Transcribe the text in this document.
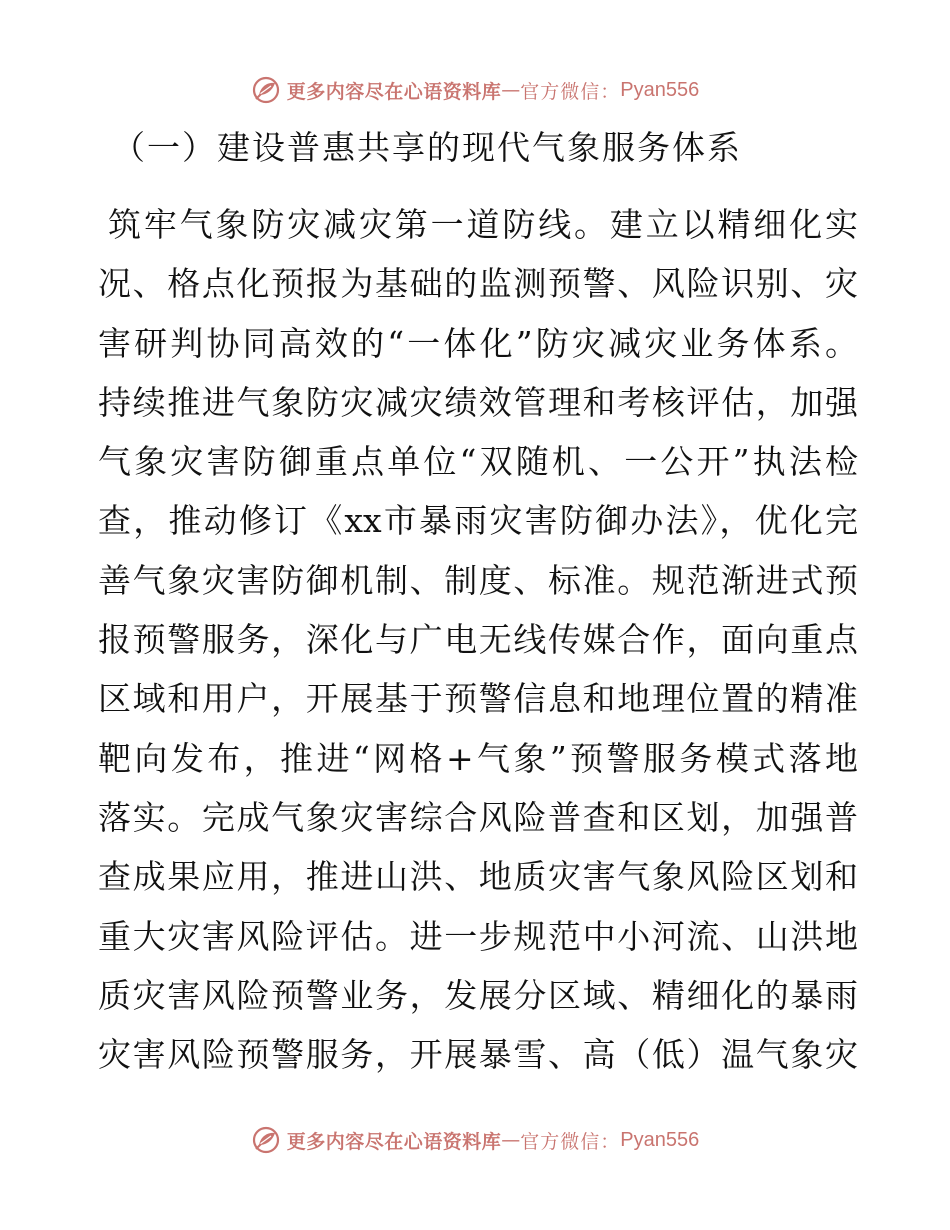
更多内容尽在心语资料库 — 官方微信： Pyan556
（一）建设普惠共享的现代气象服务体系
筑牢气象防灾减灾第一道防线。建立以精细化实
况、格点化预报为基础的监测预警、风险识别、灾
害研判协同高效的“一体化”防灾减灾业务体系。
持续推进气象防灾减灾绩效管理和考核评估，加强
气象灾害防御重点单位“双随机、一公开”执法检
查，推动修订《xx市暴雨灾害防御办法》，优化完
善气象灾害防御机制、制度、标准。规范渐进式预
报预警服务，深化与广电无线传媒合作，面向重点
区域和用户，开展基于预警信息和地理位置的精准
靶向发布，推进“网格+气象”预警服务模式落地
落实。完成气象灾害综合风险普查和区划，加强普
查成果应用，推进山洪、地质灾害气象风险区划和
重大灾害风险评估。进一步规范中小河流、山洪地
质灾害风险预警业务，发展分区域、精细化的暴雨
灾害风险预警服务，开展暴雪、高（低）温气象灾
更多内容尽在心语资料库 — 官方微信： Pyan556
